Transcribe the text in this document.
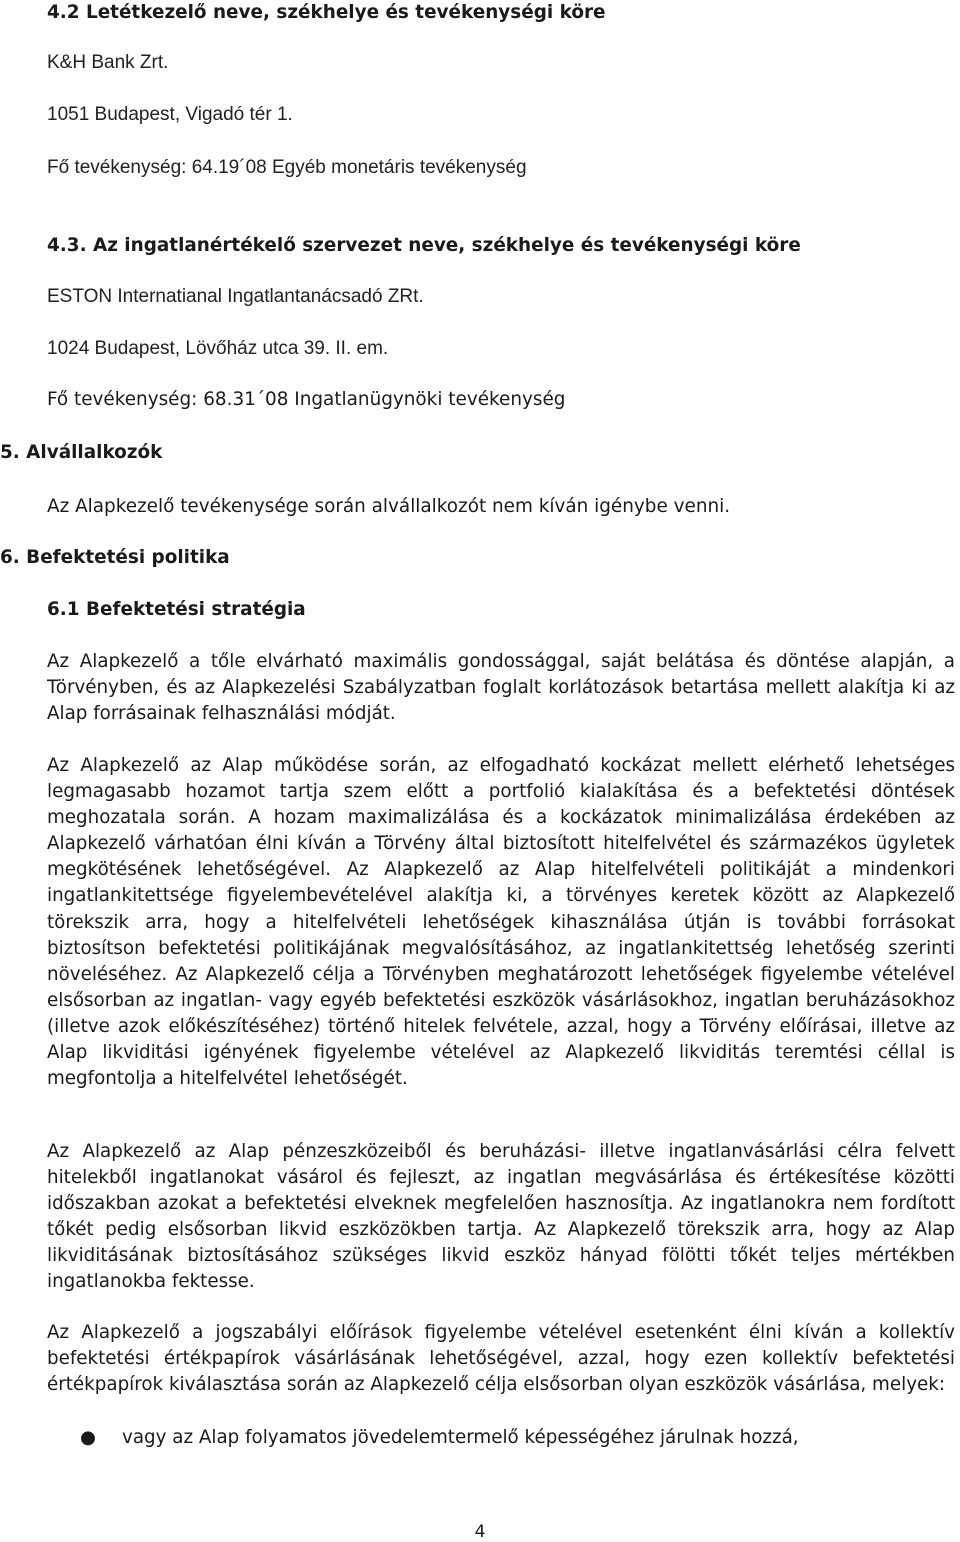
4.2 Letétkezelő neve, székhelye és tevékenységi köre
K&H Bank Zrt.
1051 Budapest, Vigadó tér 1.
Fő tevékenység: 64.19´08 Egyéb monetáris tevékenység
4.3. Az ingatlanértékelő szervezet neve, székhelye és tevékenységi köre
ESTON Internatianal Ingatlantanácsadó ZRt.
1024 Budapest, Lövőház utca 39. II. em.
Fő tevékenység: 68.31´08 Ingatlanügynöki tevékenység
5. Alvállalkozók
Az Alapkezelő tevékenysége során alvállalkozót nem kíván igénybe venni.
6. Befektetési politika
6.1 Befektetési stratégia

Az Alapkezelő a tőle elvárható maximális gondossággal, saját belátása és döntése alapján, a Törvényben, és az Alapkezelési Szabályzatban foglalt korlátozások betartása mellett alakítja ki az Alap forrásainak felhasználási módját.

Az Alapkezelő az Alap működése során, az elfogadható kockázat mellett elérhető lehetséges legmagasabb hozamot tartja szem előtt a portfolió kialakítása és a befektetési döntések meghozatala során. A hozam maximalizálása és a kockázatok minimalizálása érdekében az Alapkezelő várhatóan élni kíván a Törvény által biztosított hitelfelvétel és származékos ügyletek megkötésének lehetőségével. Az Alapkezelő az Alap hitelfelvételi politikáját a mindenkori ingatlankitettsége figyelembevételével alakítja ki, a törvényes keretek között az Alapkezelő törekszik arra, hogy a hitelfelvételi lehetőségek kihasználása útján is további forrásokat biztosítson befektetési politikájának megvalósításához, az ingatlankitettség lehetőség szerinti növeléséhez. Az Alapkezelő célja a Törvényben meghatározott lehetőségek figyelembe vételével elsősorban az ingatlan- vagy egyéb befektetési eszközök vásárlásokhoz, ingatlan beruházásokhoz (illetve azok előkészítéséhez) történő hitelek felvétele, azzal, hogy a Törvény előírásai, illetve az Alap likviditási igényének figyelembe vételével az Alapkezelő likviditás teremtési céllal is megfontolja a hitelfelvétel lehetőségét.

Az Alapkezelő az Alap pénzeszközeiből és beruházási- illetve ingatlanvásárlási célra felvett hitelekből ingatlanokat vásárol és fejleszt, az ingatlan megvásárlása és értékesítése közötti időszakban azokat a befektetési elveknek megfelelően hasznosítja. Az ingatlanokra nem fordított tőkét pedig elsősorban likvid eszközökben tartja. Az Alapkezelő törekszik arra, hogy az Alap likviditásának biztosításához szükséges likvid eszköz hányad fölötti tőkét teljes mértékben ingatlanokba fektesse.

Az Alapkezelő a jogszabályi előírások figyelembe vételével esetenként élni kíván a kollektív befektetési értékpapírok vásárlásának lehetőségével, azzal, hogy ezen kollektív befektetési értékpapírok kiválasztása során az Alapkezelő célja elsősorban olyan eszközök vásárlása, melyek:

● vagy az Alap folyamatos jövedelemtermelő képességéhez járulnak hozzá,
4
